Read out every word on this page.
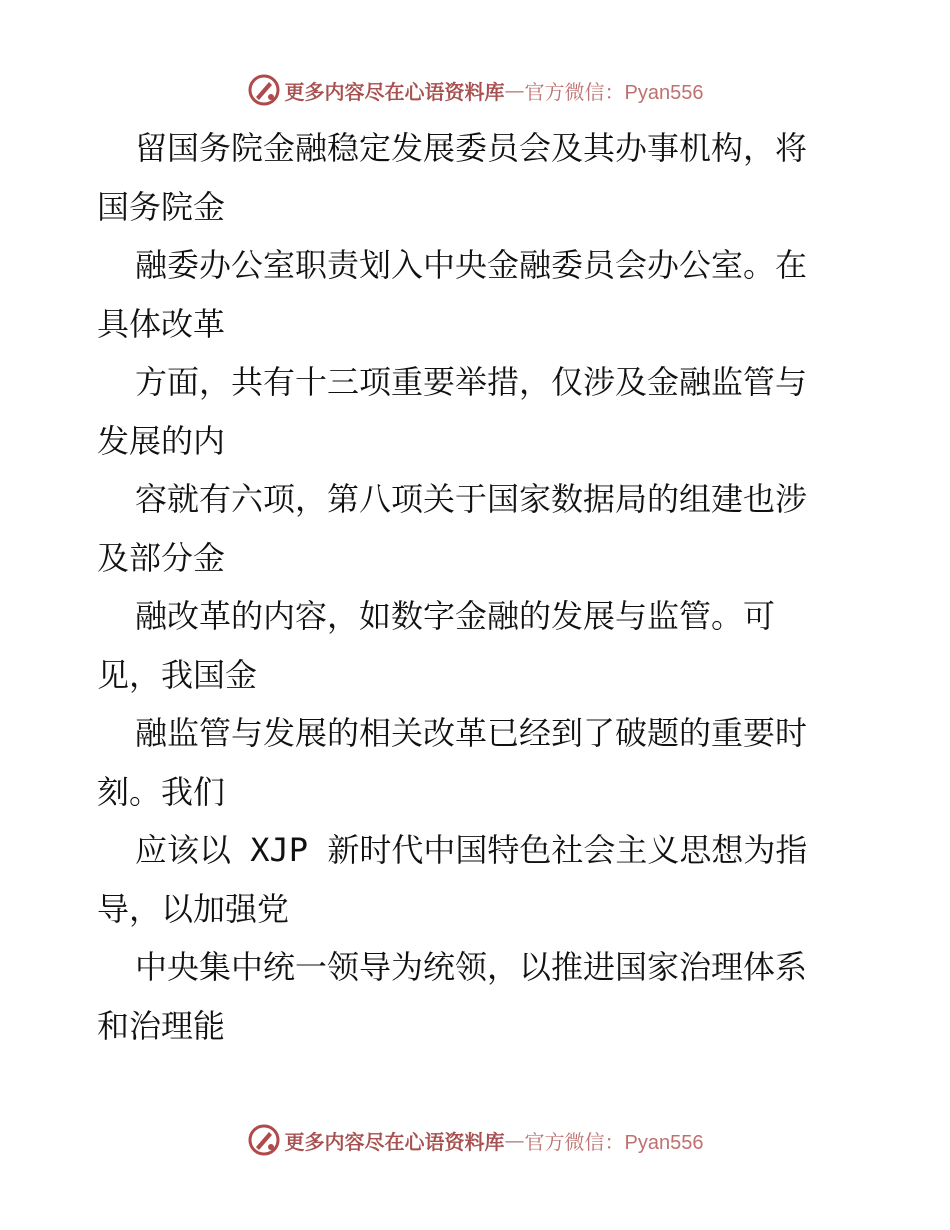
更多内容尽在心语资料库 — 官方微信：Pyan556
留国务院金融稳定发展委员会及其办事机构，将
国务院金
融委办公室职责划入中央金融委员会办公室。在
具体改革
方面，共有十三项重要举措，仅涉及金融监管与
发展的内
容就有六项，第八项关于国家数据局的组建也涉
及部分金
融改革的内容，如数字金融的发展与监管。可
见，我国金
融监管与发展的相关改革已经到了破题的重要时
刻。我们
应该以 XJP 新时代中国特色社会主义思想为指
导，以加强党
中央集中统一领导为统领，以推进国家治理体系
和治理能
更多内容尽在心语资料库 — 官方微信：Pyan556
